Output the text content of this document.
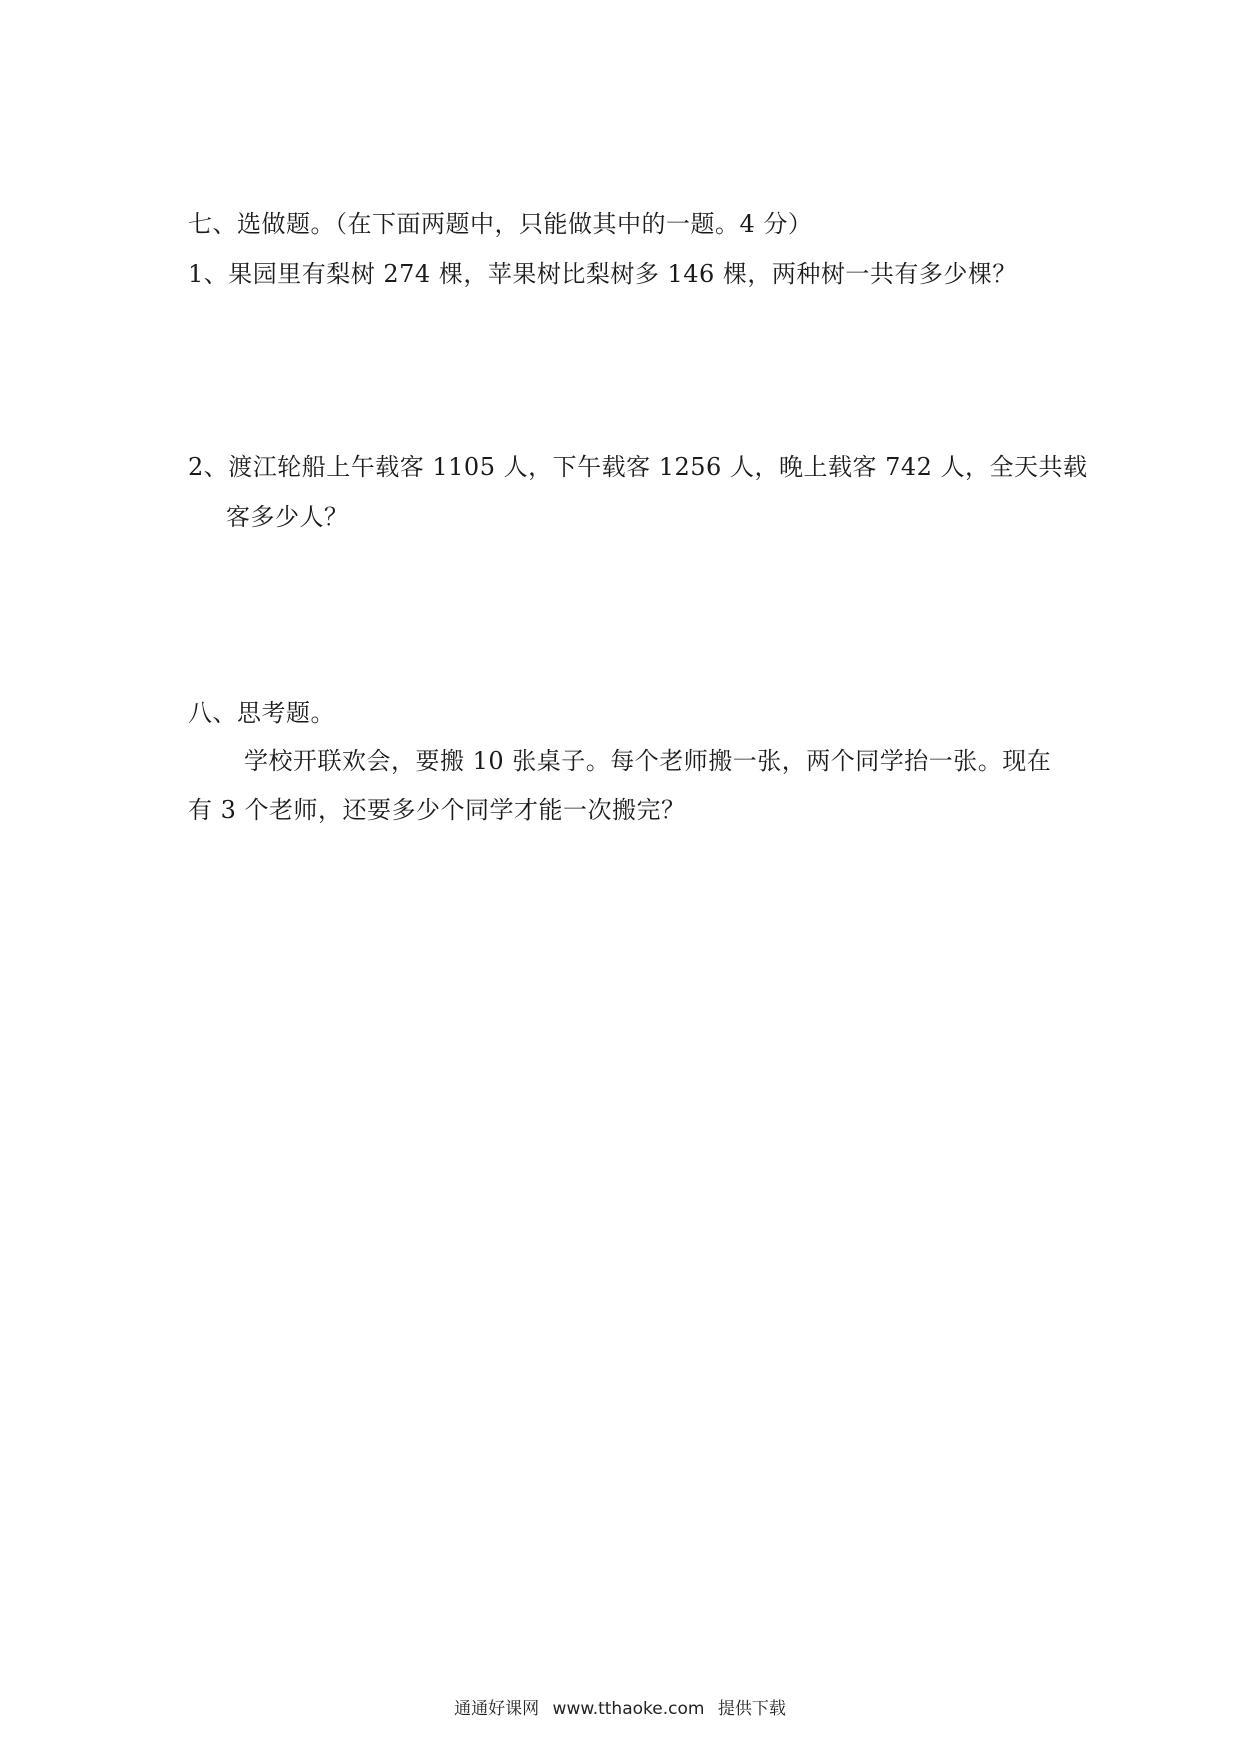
七、选做题。（在下面两题中，只能做其中的一题。4 分）
1、果园里有梨树 274 棵，苹果树比梨树多 146 棵，两种树一共有多少棵？
2、渡江轮船上午载客 1105 人，下午载客 1256 人，晚上载客 742 人，全天共载
客多少人？
八、思考题。
学校开联欢会，要搬 10 张桌子。每个老师搬一张，两个同学抬一张。现在
有 3 个老师，还要多少个同学才能一次搬完？
通通好课网 www.tthaoke.com 提供下载
